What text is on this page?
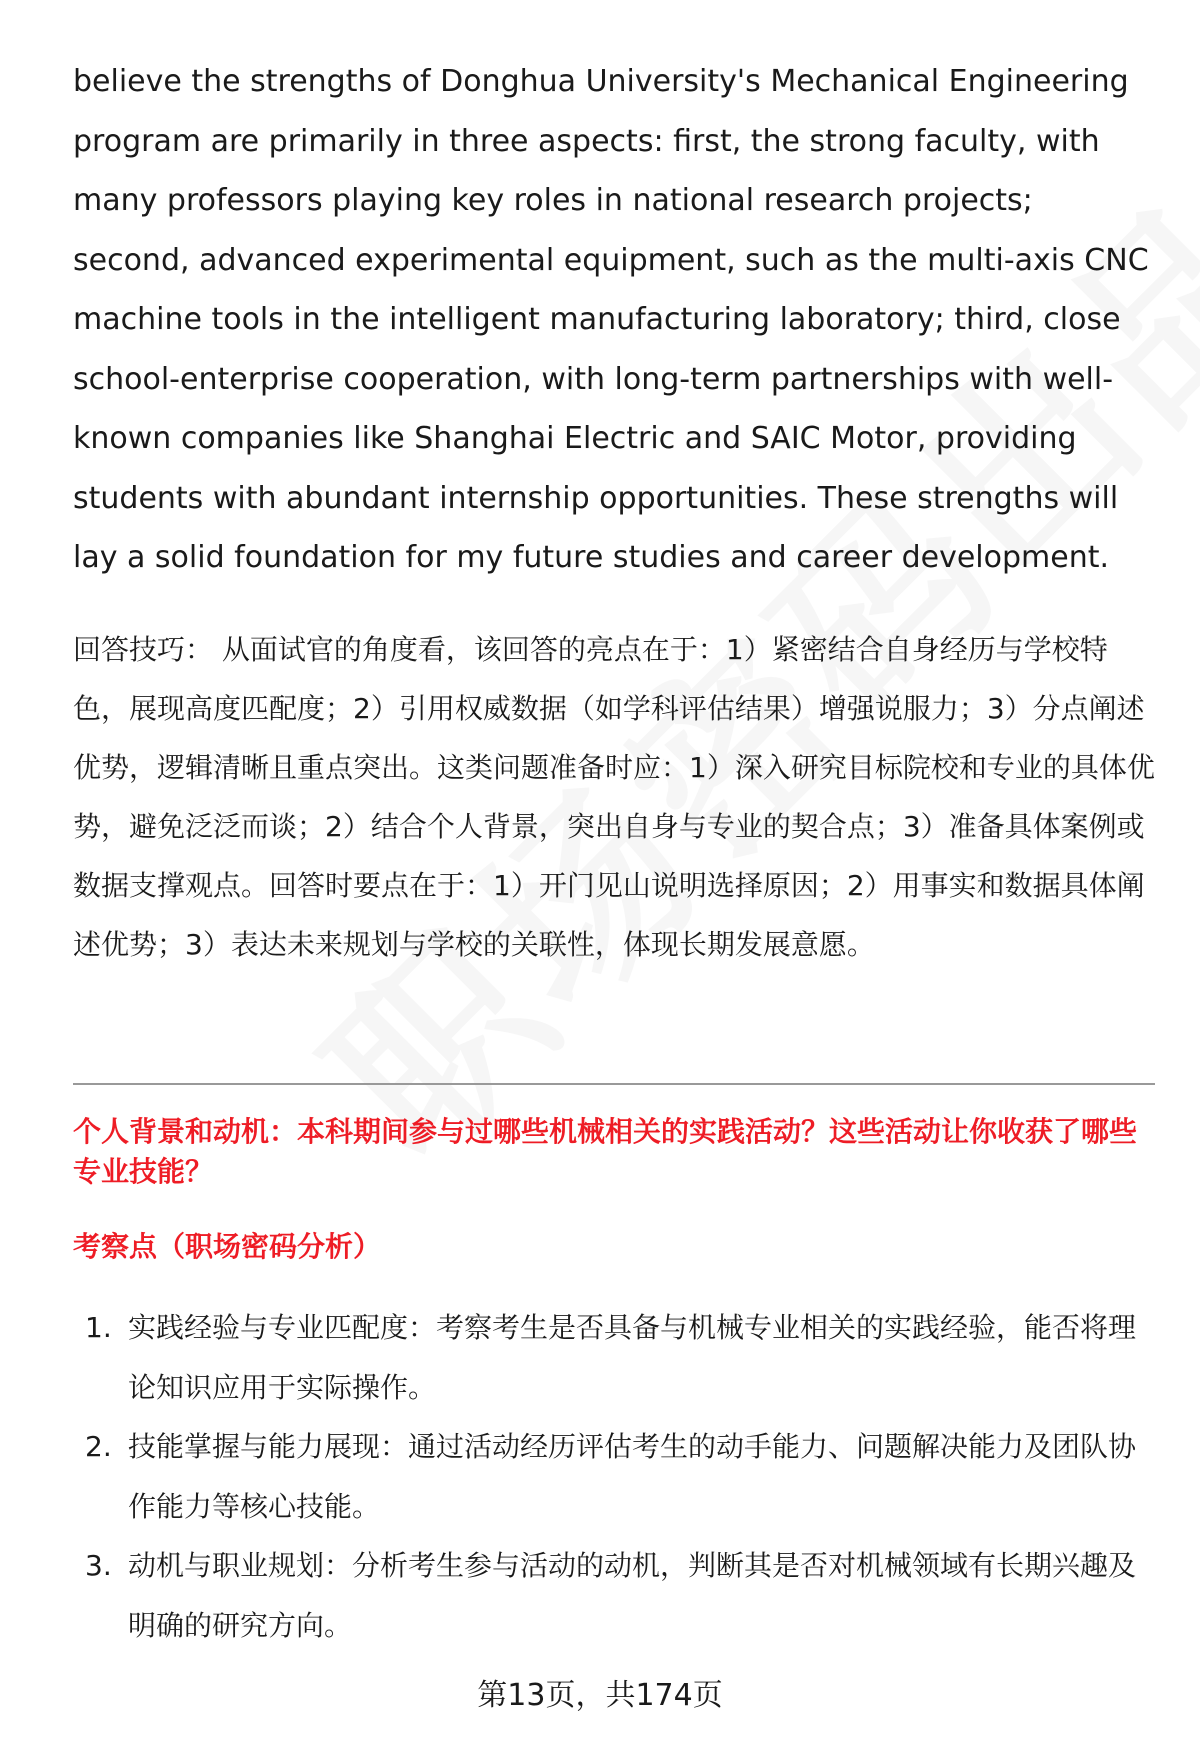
believe the strengths of Donghua University's Mechanical Engineering program are primarily in three aspects: first, the strong faculty, with many professors playing key roles in national research projects; second, advanced experimental equipment, such as the multi-axis CNC machine tools in the intelligent manufacturing laboratory; third, close school-enterprise cooperation, with long-term partnerships with well-known companies like Shanghai Electric and SAIC Motor, providing students with abundant internship opportunities. These strengths will lay a solid foundation for my future studies and career development.

回答技巧： 从面试官的角度看，该回答的亮点在于：1）紧密结合自身经历与学校特色，展现高度匹配度；2）引用权威数据（如学科评估结果）增强说服力；3）分点阐述优势，逻辑清晰且重点突出。这类问题准备时应：1）深入研究目标院校和专业的具体优势，避免泛泛而谈；2）结合个人背景，突出自身与专业的契合点；3）准备具体案例或数据支撑观点。回答时要点在于：1）开门见山说明选择原因；2）用事实和数据具体阐述优势；3）表达未来规划与学校的关联性，体现长期发展意愿。

个人背景和动机：本科期间参与过哪些机械相关的实践活动？这些活动让你收获了哪些专业技能？

考察点（职场密码分析）

1. 实践经验与专业匹配度：考察考生是否具备与机械专业相关的实践经验，能否将理论知识应用于实际操作。
2. 技能掌握与能力展现：通过活动经历评估考生的动手能力、问题解决能力及团队协作能力等核心技能。
3. 动机与职业规划：分析考生参与活动的动机，判断其是否对机械领域有长期兴趣及明确的研究方向。
第13页，共174页
